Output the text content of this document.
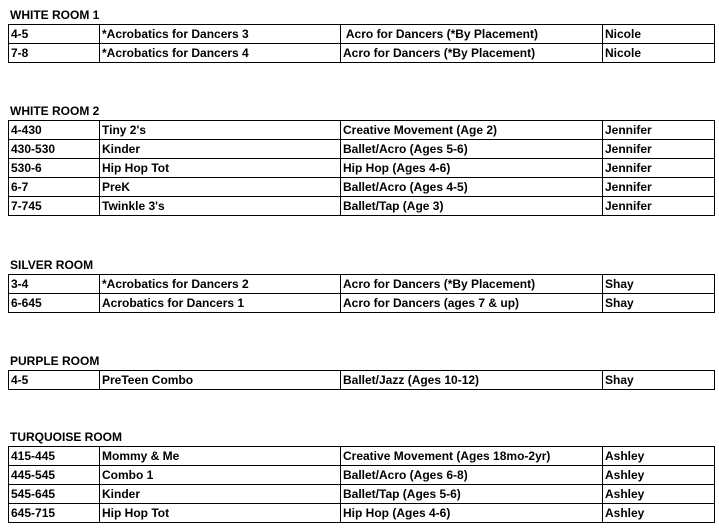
WHITE ROOM 1
4-5	*Acrobatics for Dancers 3	Acro for Dancers (*By Placement)	Nicole
7-8	*Acrobatics for Dancers 4	Acro for Dancers (*By Placement)	Nicole
WHITE ROOM 2
4-430	Tiny 2's	Creative Movement (Age 2)	Jennifer
430-530	Kinder	Ballet/Acro (Ages 5-6)	Jennifer
530-6	Hip Hop Tot	Hip Hop (Ages 4-6)	Jennifer
6-7	PreK	Ballet/Acro (Ages 4-5)	Jennifer
7-745	Twinkle 3's	Ballet/Tap (Age 3)	Jennifer
SILVER ROOM
3-4	*Acrobatics for Dancers 2	Acro for Dancers (*By Placement)	Shay
6-645	Acrobatics for Dancers 1	Acro for Dancers (ages 7 & up)	Shay
PURPLE ROOM
4-5	PreTeen Combo	Ballet/Jazz (Ages 10-12)	Shay
TURQUOISE ROOM
415-445	Mommy & Me	Creative Movement (Ages 18mo-2yr)	Ashley
445-545	Combo 1	Ballet/Acro (Ages 6-8)	Ashley
545-645	Kinder	Ballet/Tap (Ages 5-6)	Ashley
645-715	Hip Hop Tot	Hip Hop (Ages 4-6)	Ashley
